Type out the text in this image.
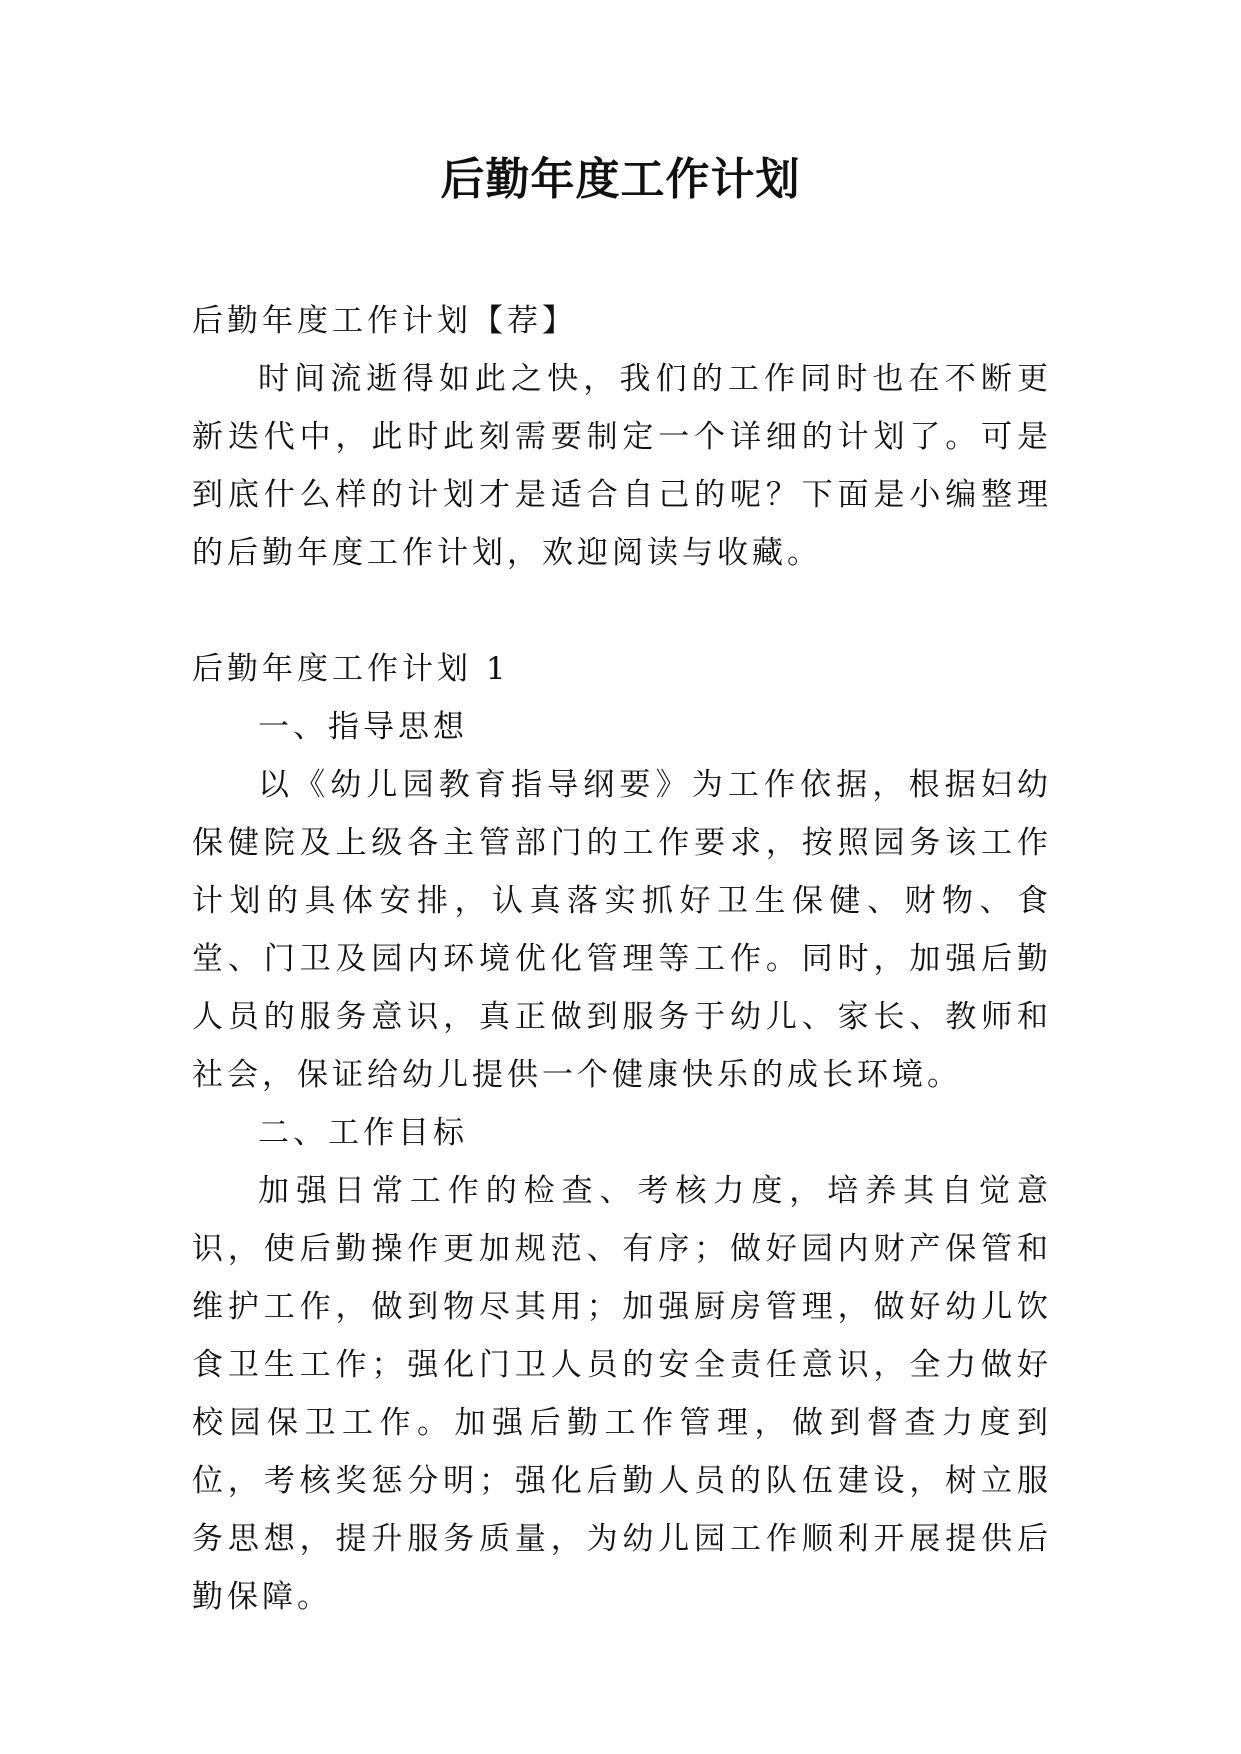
后勤年度工作计划

后勤年度工作计划【荐】

时间流逝得如此之快，我们的工作同时也在不断更新迭代中，此时此刻需要制定一个详细的计划了。可是到底什么样的计划才是适合自己的呢？下面是小编整理的后勤年度工作计划，欢迎阅读与收藏。

后勤年度工作计划 1

一、指导思想

以《幼儿园教育指导纲要》为工作依据，根据妇幼保健院及上级各主管部门的工作要求，按照园务该工作计划的具体安排，认真落实抓好卫生保健、财物、食堂、门卫及园内环境优化管理等工作。同时，加强后勤人员的服务意识，真正做到服务于幼儿、家长、教师和社会，保证给幼儿提供一个健康快乐的成长环境。

二、工作目标

加强日常工作的检查、考核力度，培养其自觉意识，使后勤操作更加规范、有序；做好园内财产保管和维护工作，做到物尽其用；加强厨房管理，做好幼儿饮食卫生工作；强化门卫人员的安全责任意识，全力做好校园保卫工作。加强后勤工作管理，做到督查力度到位，考核奖惩分明；强化后勤人员的队伍建设，树立服务思想，提升服务质量，为幼儿园工作顺利开展提供后勤保障。
